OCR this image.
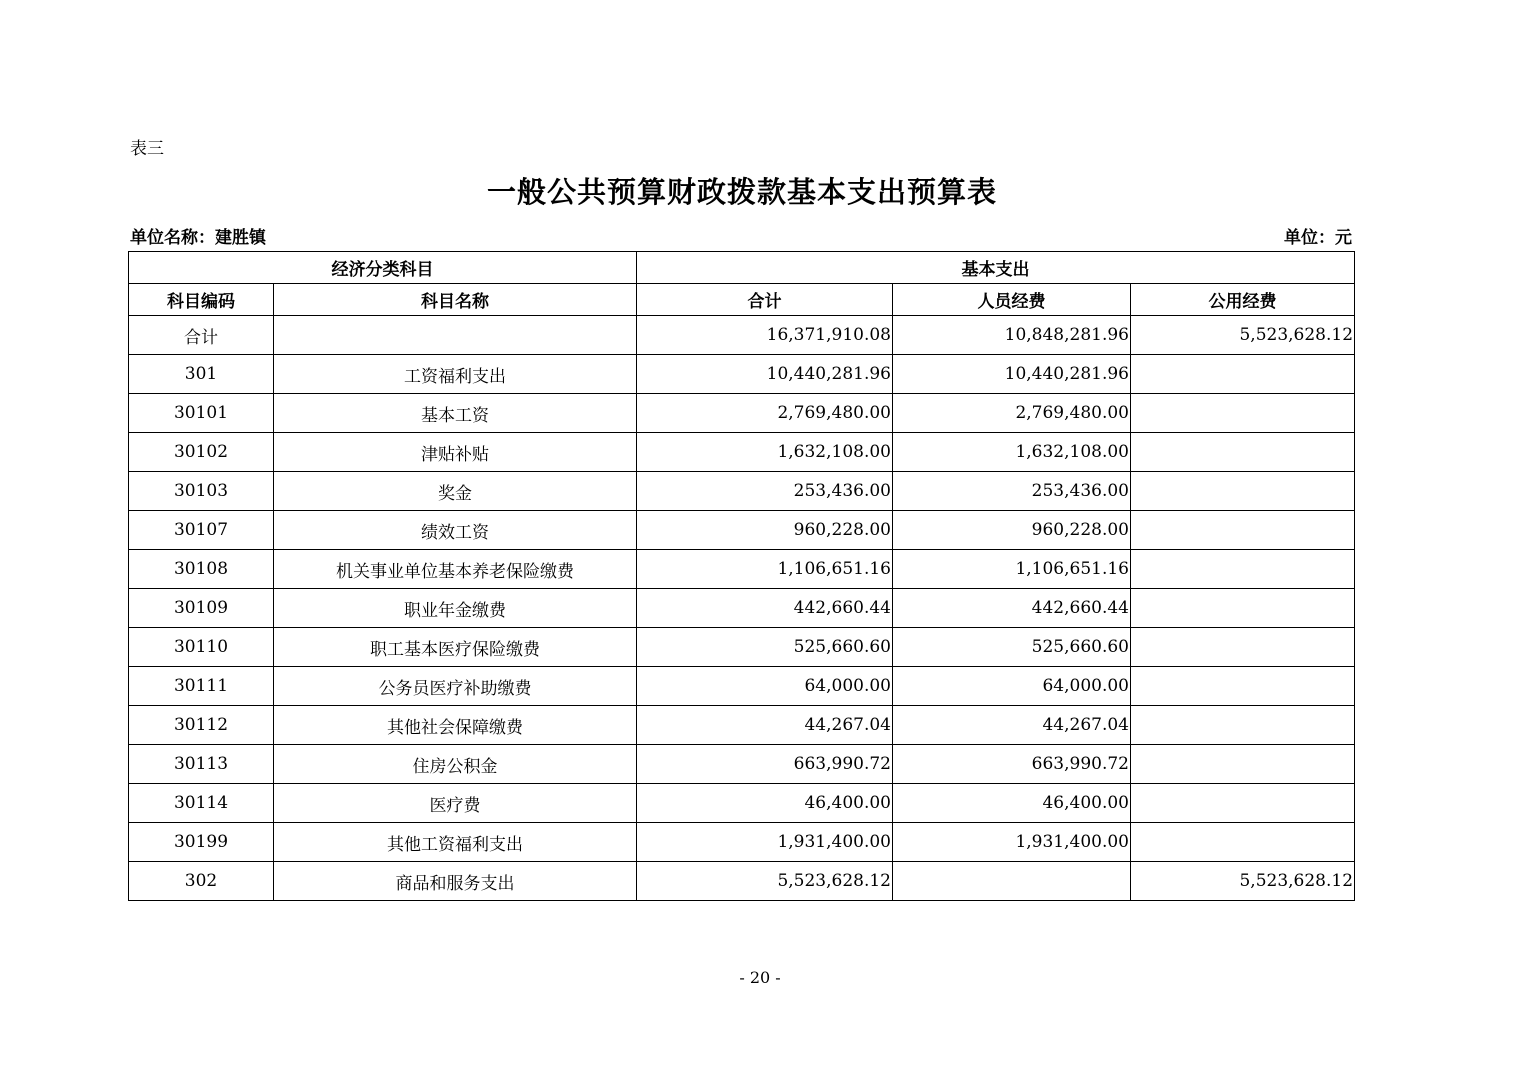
表三
一般公共预算财政拨款基本支出预算表
单位名称：建胜镇	单位：元
经济分类科目		基本支出		
科目编码	科目名称	合计	人员经费	公用经费
合计		16,371,910.08	10,848,281.96	5,523,628.12
301	工资福利支出	10,440,281.96	10,440,281.96	
30101	基本工资	2,769,480.00	2,769,480.00	
30102	津贴补贴	1,632,108.00	1,632,108.00	
30103	奖金	253,436.00	253,436.00	
30107	绩效工资	960,228.00	960,228.00	
30108	机关事业单位基本养老保险缴费	1,106,651.16	1,106,651.16	
30109	职业年金缴费	442,660.44	442,660.44	
30110	职工基本医疗保险缴费	525,660.60	525,660.60	
30111	公务员医疗补助缴费	64,000.00	64,000.00	
30112	其他社会保障缴费	44,267.04	44,267.04	
30113	住房公积金	663,990.72	663,990.72	
30114	医疗费	46,400.00	46,400.00	
30199	其他工资福利支出	1,931,400.00	1,931,400.00	
302	商品和服务支出	5,523,628.12		5,523,628.12
- 20 -
